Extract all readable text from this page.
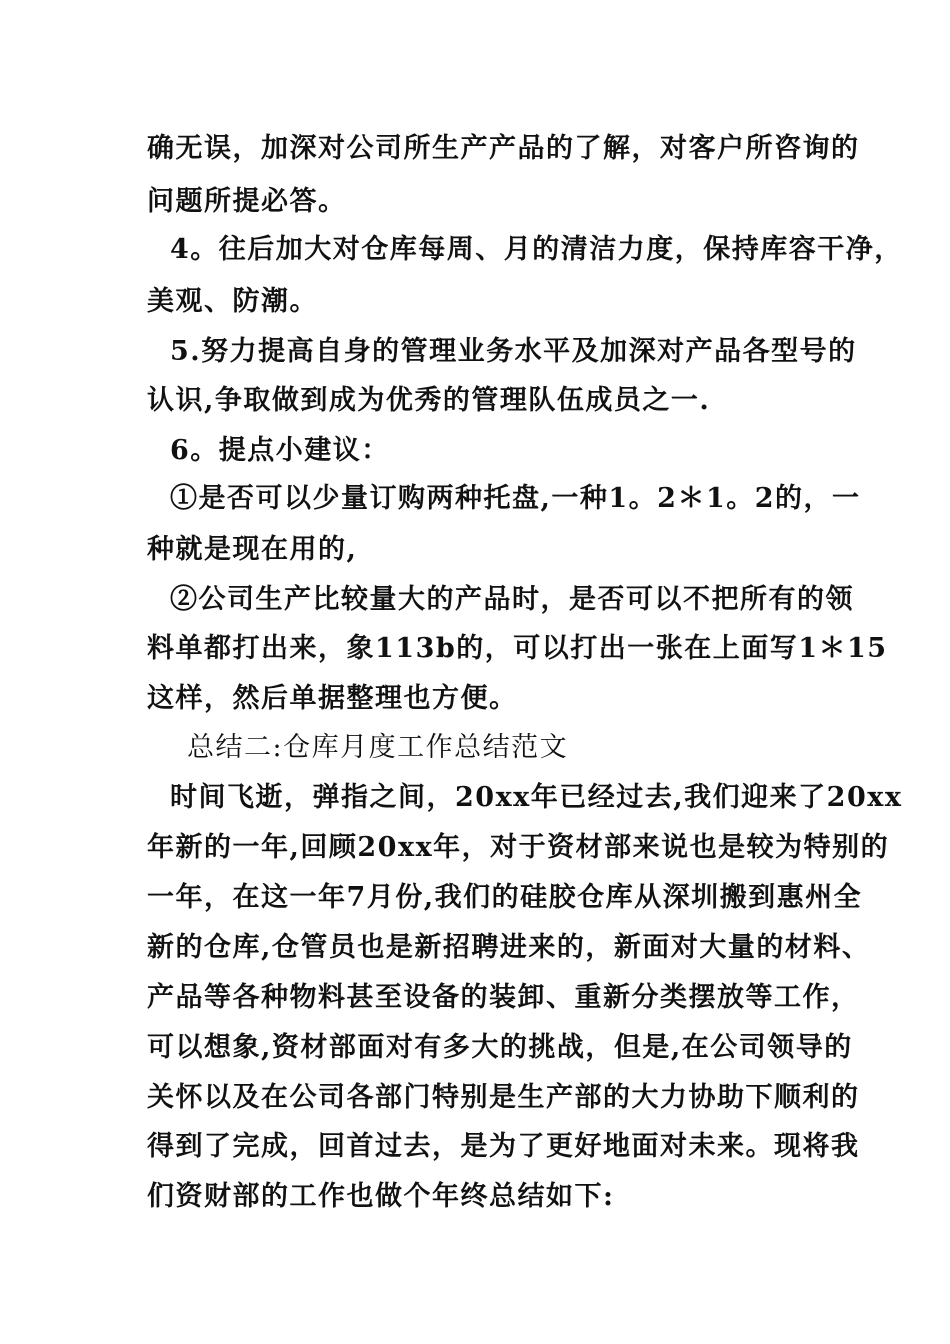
确无误，加深对公司所生产产品的了解，对客户所咨询的
问题所提必答。
4。往后加大对仓库每周、月的清洁力度，保持库容干净，
美观、防潮。
5.努力提高自身的管理业务水平及加深对产品各型号的
认识,争取做到成为优秀的管理队伍成员之一.
6。提点小建议：
①是否可以少量订购两种托盘,一种1。2＊1。2的，一
种就是现在用的,
②公司生产比较量大的产品时，是否可以不把所有的领
料单都打出来，象113b的，可以打出一张在上面写1＊15
这样，然后单据整理也方便。
总结二:仓库月度工作总结范文
时间飞逝，弹指之间，20xx年已经过去,我们迎来了20xx
年新的一年,回顾20xx年，对于资材部来说也是较为特别的
一年，在这一年7月份,我们的硅胶仓库从深圳搬到惠州全
新的仓库,仓管员也是新招聘进来的，新面对大量的材料、
产品等各种物料甚至设备的装卸、重新分类摆放等工作，
可以想象,资材部面对有多大的挑战，但是,在公司领导的
关怀以及在公司各部门特别是生产部的大力协助下顺利的
得到了完成，回首过去，是为了更好地面对未来。现将我
们资财部的工作也做个年终总结如下:
